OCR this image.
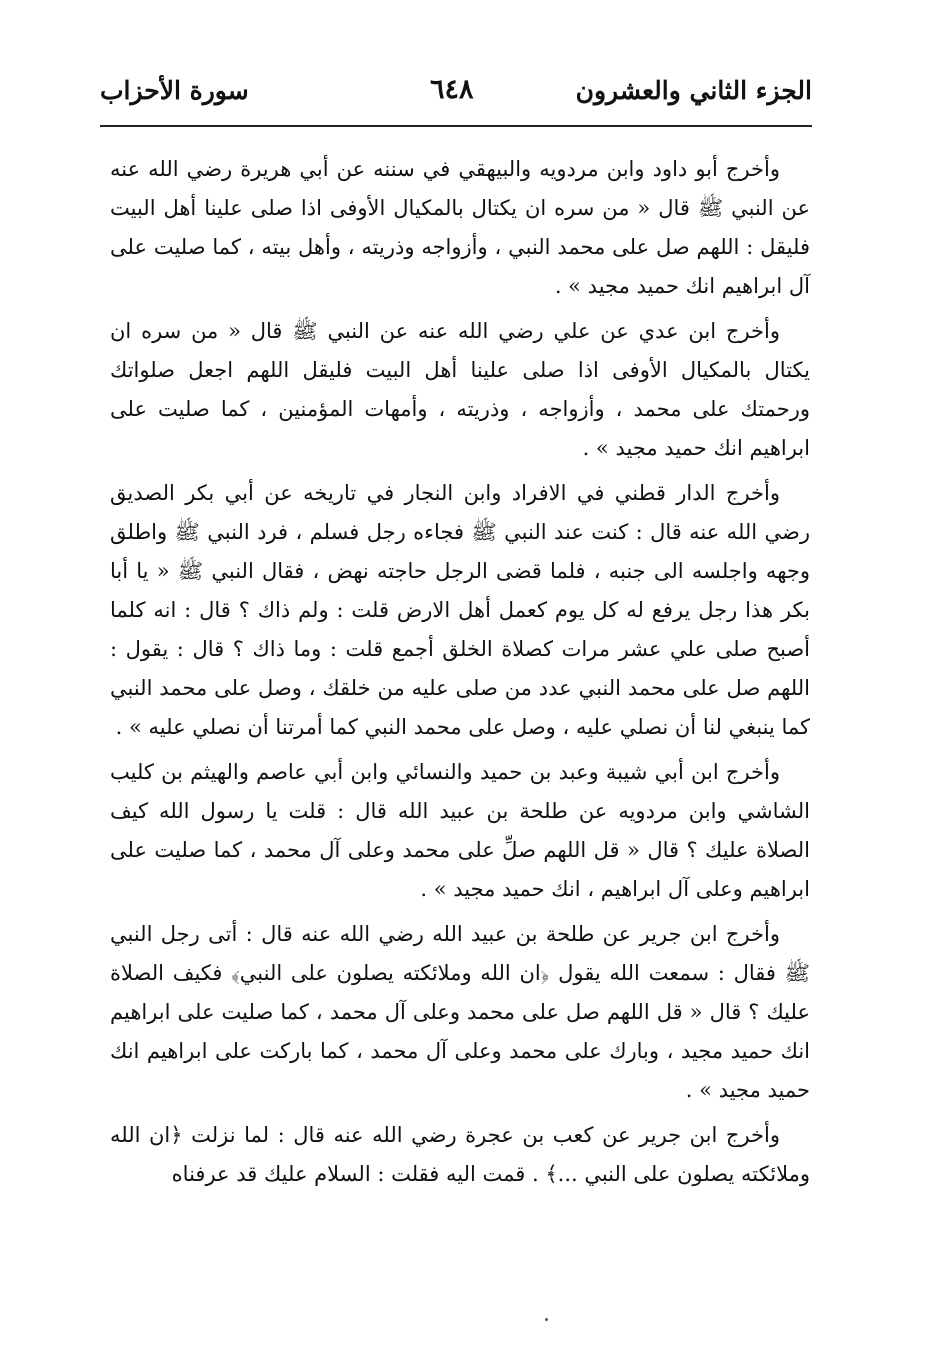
الجزء الثاني والعشرون
٦٤٨
سورة الأحزاب

وأخرج أبو داود وابن مردويه والبيهقي في سننه عن أبي هريرة رضي الله عنه عن النبي ﷺ قال « من سره ان يكتال بالمكيال الأوفى اذا صلى علينا أهل البيت فليقل : اللهم صل على محمد النبي ، وأزواجه وذريته ، وأهل بيته ، كما صليت على آل ابراهيم انك حميد مجيد » .

وأخرج ابن عدي عن علي رضي الله عنه عن النبي ﷺ قال « من سره ان يكتال بالمكيال الأوفى اذا صلى علينا أهل البيت فليقل اللهم اجعل صلواتك ورحمتك على محمد ، وأزواجه ، وذريته ، وأمهات المؤمنين ، كما صليت على ابراهيم انك حميد مجيد » .

وأخرج الدار قطني في الافراد وابن النجار في تاريخه عن أبي بكر الصديق رضي الله عنه قال : كنت عند النبي ﷺ فجاءه رجل فسلم ، فرد النبي ﷺ واطلق وجهه واجلسه الى جنبه ، فلما قضى الرجل حاجته نهض ، فقال النبي ﷺ « يا أبا بكر هذا رجل يرفع له كل يوم كعمل أهل الارض قلت : ولم ذاك ؟ قال : انه كلما أصبح صلى علي عشر مرات كصلاة الخلق أجمع قلت : وما ذاك ؟ قال : يقول : اللهم صل على محمد النبي عدد من صلى عليه من خلقك ، وصل على محمد النبي كما ينبغي لنا أن نصلي عليه ، وصل على محمد النبي كما أمرتنا أن نصلي عليه » .

وأخرج ابن أبي شيبة وعبد بن حميد والنسائي وابن أبي عاصم والهيثم بن كليب الشاشي وابن مردويه عن طلحة بن عبيد الله قال : قلت يا رسول الله كيف الصلاة عليك ؟ قال « قل اللهم صلِّ على محمد وعلى آل محمد ، كما صليت على ابراهيم وعلى آل ابراهيم ، انك حميد مجيد » .

وأخرج ابن جرير عن طلحة بن عبيد الله رضي الله عنه قال : أتى رجل النبي ﷺ فقال : سمعت الله يقول ﴿ان الله وملائكته يصلون على النبي﴾ فكيف الصلاة عليك ؟ قال « قل اللهم صل على محمد وعلى آل محمد ، كما صليت على ابراهيم انك حميد مجيد ، وبارك على محمد وعلى آل محمد ، كما باركت على ابراهيم انك حميد مجيد » .

وأخرج ابن جرير عن كعب بن عجرة رضي الله عنه قال : لما نزلت ﴿ان الله وملائكته يصلون على النبي ...﴾ . قمت اليه فقلت : السلام عليك قد عرفناه
